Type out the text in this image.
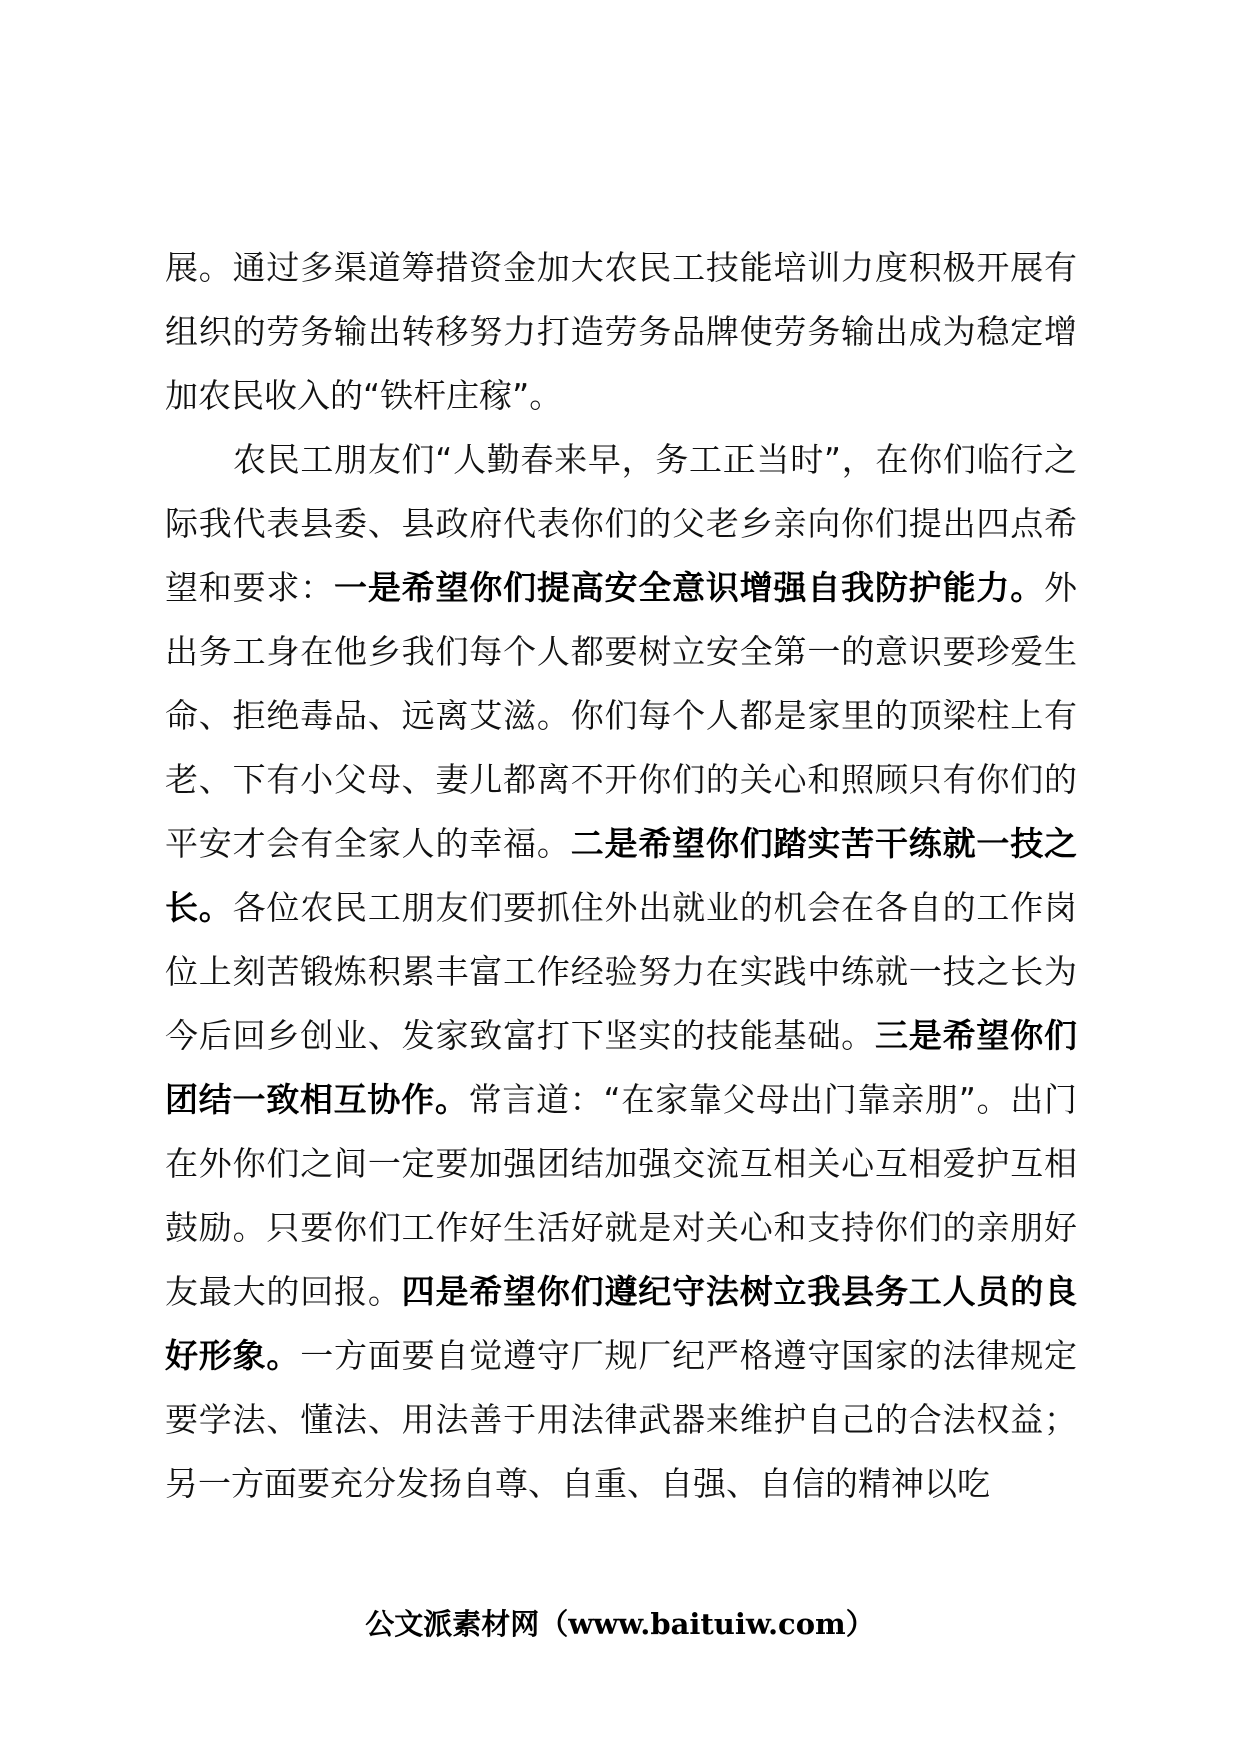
展。通过多渠道筹措资金加大农民工技能培训力度积极开展有组织的劳务输出转移努力打造劳务品牌使劳务输出成为稳定增加农民收入的“铁杆庄稼”。

农民工朋友们“人勤春来早，务工正当时”，在你们临行之际我代表县委、县政府代表你们的父老乡亲向你们提出四点希望和要求：一是希望你们提高安全意识增强自我防护能力。外出务工身在他乡我们每个人都要树立安全第一的意识要珍爱生命、拒绝毒品、远离艾滋。你们每个人都是家里的顶梁柱上有老、下有小父母、妻儿都离不开你们的关心和照顾只有你们的平安才会有全家人的幸福。二是希望你们踏实苦干练就一技之长。各位农民工朋友们要抓住外出就业的机会在各自的工作岗位上刻苦锻炼积累丰富工作经验努力在实践中练就一技之长为今后回乡创业、发家致富打下坚实的技能基础。三是希望你们团结一致相互协作。常言道：“在家靠父母出门靠亲朋”。出门在外你们之间一定要加强团结加强交流互相关心互相爱护互相鼓励。只要你们工作好生活好就是对关心和支持你们的亲朋好友最大的回报。四是希望你们遵纪守法树立我县务工人员的良好形象。一方面要自觉遵守厂规厂纪严格遵守国家的法律规定要学法、懂法、用法善于用法律武器来维护自己的合法权益；另一方面要充分发扬自尊、自重、自强、自信的精神以吃

公文派素材网（www.baituiw.com）
